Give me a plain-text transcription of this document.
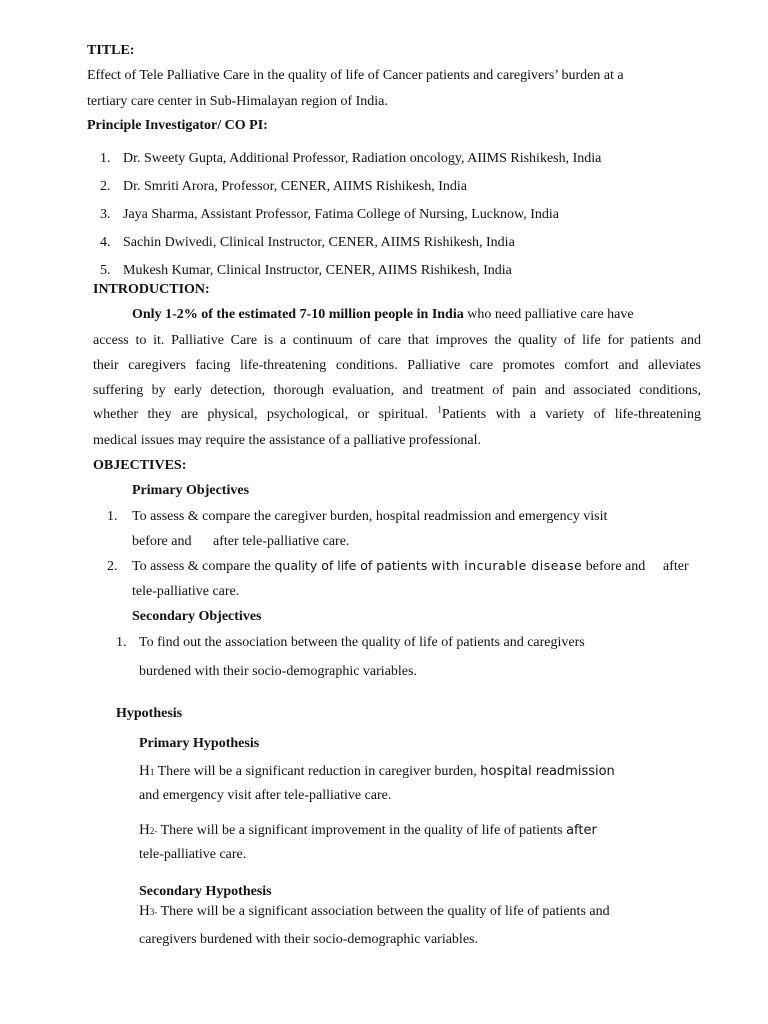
TITLE:
Effect of Tele Palliative Care in the quality of life of Cancer patients and caregivers’ burden at a
tertiary care center in Sub-Himalayan region of India.
Principle Investigator/ CO PI:
1. Dr. Sweety Gupta, Additional Professor, Radiation oncology, AIIMS Rishikesh, India
2. Dr. Smriti Arora, Professor, CENER, AIIMS Rishikesh, India
3. Jaya Sharma, Assistant Professor, Fatima College of Nursing, Lucknow, India
4. Sachin Dwivedi, Clinical Instructor, CENER, AIIMS Rishikesh, India
5. Mukesh Kumar, Clinical Instructor, CENER, AIIMS Rishikesh, India
INTRODUCTION:
Only 1-2% of the estimated 7-10 million people in India who need palliative care have
access to it. Palliative Care is a continuum of care that improves the quality of life for patients and
their caregivers facing life-threatening conditions. Palliative care promotes comfort and alleviates
suffering by early detection, thorough evaluation, and treatment of pain and associated conditions,
whether they are physical, psychological, or spiritual. $^1$Patients with a variety of life-threatening
medical issues may require the assistance of a palliative professional.
OBJECTIVES:
Primary Objectives
1. To assess & compare the caregiver burden, hospital readmission and emergency visit
before and after tele-palliative care.
2. To assess & compare the quality of life of patients with incurable disease before and after
tele-palliative care.
Secondary Objectives
1. To find out the association between the quality of life of patients and caregivers
burdened with their socio-demographic variables.
Hypothesis
Primary Hypothesis
H1 There will be a significant reduction in caregiver burden, hospital readmission
and emergency visit after tele-palliative care.
H2- There will be a significant improvement in the quality of life of patients after
tele-palliative care.
Secondary Hypothesis
H3- There will be a significant association between the quality of life of patients and
caregivers burdened with their socio-demographic variables.
